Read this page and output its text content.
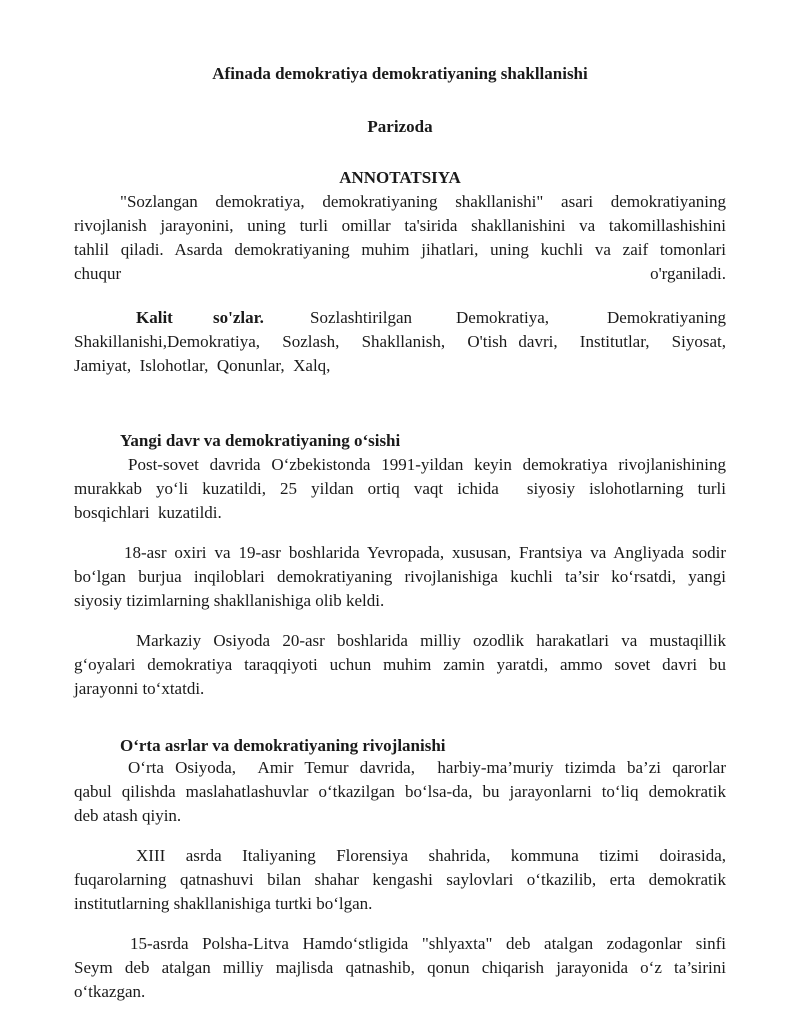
Afinada demokratiya demokratiyaning shakllanishi
Parizoda
ANNOTATSIYA
"Sozlangan demokratiya, demokratiyaning shakllanishi" asari demokratiyaning
rivojlanish jarayonini, uning turli omillar ta'sirida shakllanishini va takomillashishini
tahlil qiladi. Asarda demokratiyaning muhim jihatlari, uning kuchli va zaif tomonlari
chuqur	o'rganiladi.
Kalit so'zlar.	Sozlashtirilgan	Demokratiya,	Demokratiyaning
Shakillanishi,Demokratiya,  Sozlash,  Shakllanish,  O'tish davri,  Institutlar,  Siyosat,
Jamiyat,  Islohotlar,  Qonunlar,  Xalq,
Yangi davr va demokratiyaning o‘sishi
Post-sovet davrida O‘zbekistonda 1991-yildan keyin demokratiya rivojlanishining
murakkab yo‘li kuzatildi, 25 yildan ortiq vaqt ichida  siyosiy islohotlarning turli
bosqichlari  kuzatildi.
18-asr oxiri va 19-asr boshlarida Yevropada, xususan, Frantsiya va Angliyada sodir
bo‘lgan burjua inqiloblari demokratiyaning rivojlanishiga kuchli ta’sir ko‘rsatdi, yangi
siyosiy tizimlarning shakllanishiga olib keldi.
Markaziy Osiyoda 20-asr boshlarida milliy ozodlik harakatlari va mustaqillik
g‘oyalari demokratiya taraqqiyoti uchun muhim zamin yaratdi, ammo sovet davri bu
jarayonni to‘xtatdi.
O‘rta asrlar va demokratiyaning rivojlanishi
O‘rta Osiyoda,  Amir Temur davrida,  harbiy-ma’muriy tizimda ba’zi qarorlar
qabul qilishda maslahatlashuvlar o‘tkazilgan bo‘lsa-da, bu jarayonlarni to‘liq demokratik
deb atash qiyin.
XIII asrda Italiyaning Florensiya shahrida, kommuna tizimi doirasida,
fuqarolarning qatnashuvi bilan shahar kengashi saylovlari o‘tkazilib, erta demokratik
institutlarning shakllanishiga turtki bo‘lgan.
15-asrda Polsha-Litva Hamdo‘stligida "shlyaxta" deb atalgan zodagonlar sinfi
Seym deb atalgan milliy majlisda qatnashib, qonun chiqarish jarayonida o‘z ta’sirini
o‘tkazgan.
